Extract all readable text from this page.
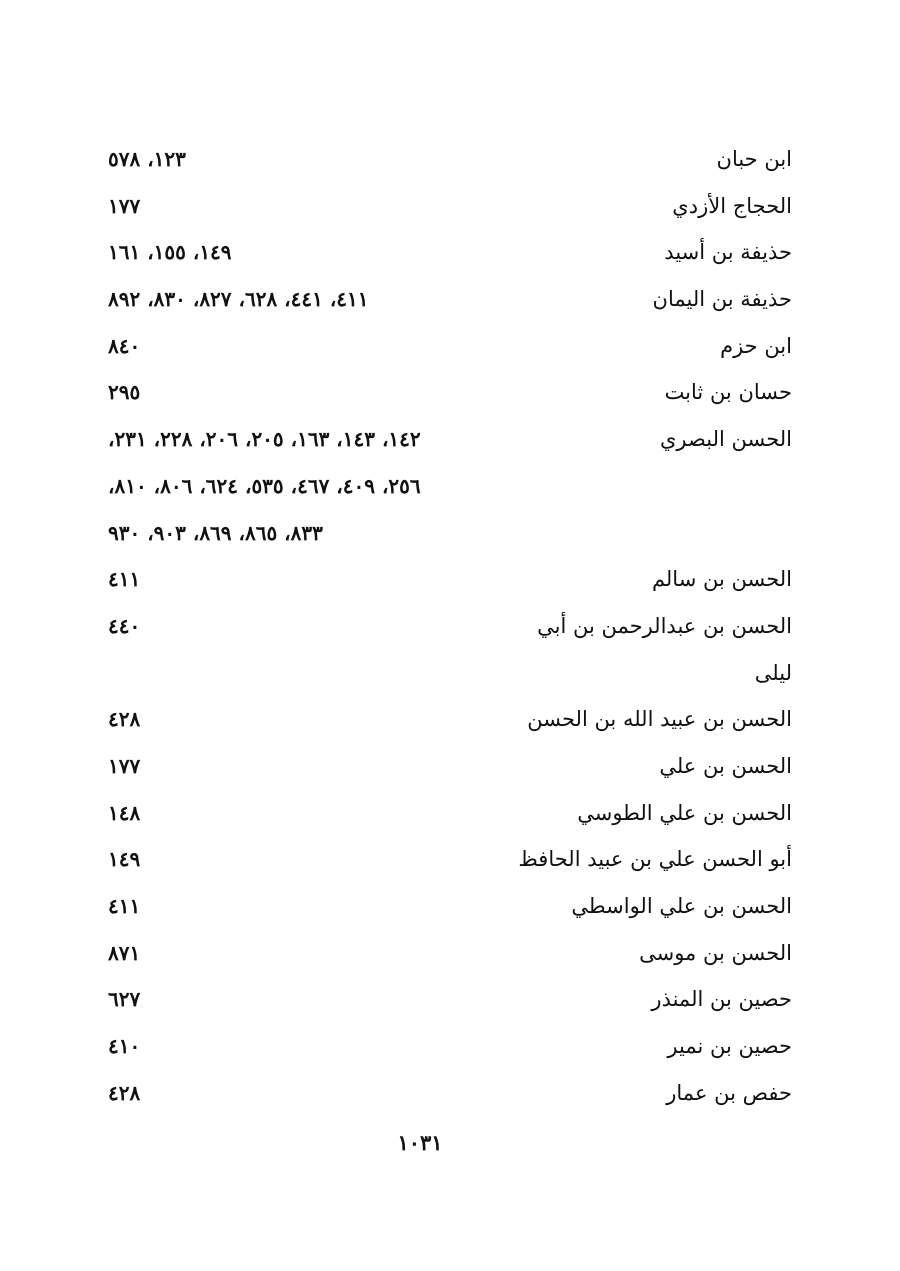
ابن حبان
١٢٣، ٥٧٨
الحجاج الأزدي
١٧٧
حذيفة بن أسيد
١٤٩، ١٥٥، ١٦١
حذيفة بن اليمان
٤١١، ٤٤١، ٦٢٨، ٨٢٧، ٨٣٠، ٨٩٢
ابن حزم
٨٤٠
حسان بن ثابت
٢٩٥
الحسن البصري
١٤٢، ١٤٣، ١٦٣، ٢٠٥، ٢٠٦، ٢٢٨، ٢٣١،
٢٥٦، ٤٠٩، ٤٦٧، ٥٣٥، ٦٢٤، ٨٠٦، ٨١٠،
٨٣٣، ٨٦٥، ٨٦٩، ٩٠٣، ٩٣٠
الحسن بن سالم
٤١١
الحسن بن عبدالرحمن بن أبي
٤٤٠
ليلى
الحسن بن عبيد الله بن الحسن
٤٢٨
الحسن بن علي
١٧٧
الحسن بن علي الطوسي
١٤٨
أبو الحسن علي بن عبيد الحافظ
١٤٩
الحسن بن علي الواسطي
٤١١
الحسن بن موسى
٨٧١
حصين بن المنذر
٦٢٧
حصين بن نمير
٤١٠
حفص بن عمار
٤٢٨
١٠٣١
